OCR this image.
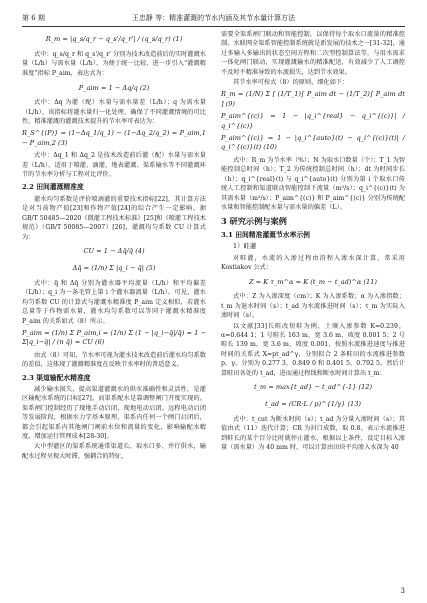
第 6 期	王忠静 等：精准灌溉的节水内涵及其节水量计算方法
R_m = |q_s/q_r − q_s'/q_r'| / (q_s/q_r) (1)

式中：q_s/q_r 和 q_s'/q_r' 分别为技术改造前后的实时灌溉水量（L/h）与需水量（L/h），为便于统一比较，进一步引入“灌溉精准度”指标 P_aim，表达式为：

P_aim = 1 − Δq/q (2)

式中：Δq 为灌（配）水量与需水量差（L/h）；q 为需水量（L/h），该指标将灌水量归一化处理，确保了不同灌溉情境的可比性，精准灌溉的灌溉技术提升的节水率可表达为：

R_S^{(P)} = (1−Δq_1/q_1) − (1−Δq_2/q_2) = P_aim,1 − P_aim,2 (3)

式中：Δq_1 和 Δq_2 是技术改造前后灌（配）水量与需水量差（L/h），适用于喷灌、滴灌、地表灌溉、渠系输水等不同灌溉环节的节水率分析与工程对比评价。

2.2 田间灌溉精准度

灌水均匀系数是评价喷滴灌的重要技术指标[22]，其计算方法是对当前物产值[23]和作物产值[24]的综合产生一定影响，据 GB/T 50485—2020《微灌工程技术标准》[25]和《喷灌工程技术规范》（GB/T 50085—2007）[26]，灌溉均匀系数 CU 计算式为：

CU = 1 − Δq̄/q̄ (4)
Δq̄ = (1/n) Σ |q_i − q̄| (5)

式中：q̄ 和 Δq̄ 分别为灌水器平均流量（L/h）和平均偏差（L/h）；q_i 为一条毛管上第 i 个灌水器流量（L/h）。可见，灌水均匀系数 CU 的计算式与灌溉水精准度 P_aim 定义相似，若灌水总量等于作物需水量，灌水均匀系数可以等同于灌溉水精准度 P_aim 的关系如式（8）所示。

P_aim = (1/n) Σ P_aim,i = (1/n) Σ (1 − |q_i−q̄|/q̄) = 1 − Σ|q_i−q̄| / (n q̄) = CU (6)

由式（8）可知，节水率可视为灌水技术改造前后灌水均匀系数的差值，这体现了灌溉精准度在反映节水率时的普适意义。

2.3 渠道输配水精准度

减少输水损失，提高渠道灌溉水的供水准确性和灵活性，是灌区输配水系统的目标[27]。而渠系配水是靠调整闸门开度实现的。渠系闸门控制经历了现地手动启闭、现地电动启闭、远程电动启闭等发展阶段，根据水力学基本原理，渠系内任何一个闸门启闭后，都会引起渠系内其他闸门闸前水位和流量的变化，影响输配水精度，增加运行管理成本[28-30]。

大中型灌区的渠系系统通常渠道长、取水口多、并行供水，输配水过程呈现大时滞、强耦合的特征，

需要全渠系闸门联动和智能控制，以保持每个取水口流量的精准控制。水联网全渠系智能控制系统就是新发展的技术之一[31-32]，通过多输入多输出的状态空间方程和二次型控制算法等，与用水需求一体化闸门联动，实现灌溉输水的精准配送，有效减少了人工调控不及时不精准导致的水流损失，达到节水效果。

其节水率可按式（8）的原则，细化如下：

R_m = (1/N) Σ [ (1/T_1)∫ P_aim dt − (1/T_2)∫ P_aim dt ] (9)
P_aim^{(c)} = 1 − |q_i^{real} − q_i^{(c)}| / q_i^{(c)}
P_aim^{(c)} = 1 − |q_i^{auto}(t) − q_i^{(c)}(t)| / q_i^{(c)}(t) (10)

式中：R_m 为节水率（%）；N 为取水口数量（个）；T_1 为智能控制总时间（h）；T_2 为传统控制总时间（h）；dt 为时间步长（h）；q_i^{real}(t) 与 q_i^{auto}(t) 分别为第 i 个取水口传统人工控制和渠道联动智能控制下流量（m³/s）；q_i^{(c)}(t) 为其需水量（m³/s）；P_aim^{(c)} 和 P_aim^{(c)} 分别为传统配水量和智能控制配水量与需水量的偏差（L）。

3 研究示例与案例
3.1 田间精准灌溉节水率示例
1）畦灌

对畦灌，水流的入渗过程由沿程入渗水深计算，常采用 Kostiakov 公式：

Z = K τ_m^α = K (t_m − t_ad)^α (11)

式中：Z 为入渗深度（cm）；K 为入渗系数；α 为入渗指数；t_m 为退水时间（s）；t_ad 为水流推进时间（s）；τ_m 为实际入渗时间（s）。

以文献[33]长畦改短畦为例，土壤入渗参数 K=0.239，α=0.644 1；1 号畦长 163 m，宽 3.6 m，坡度 0.001 5；2 号畦长 139 m，宽 3.6 m，坡度 0.001，按照水流推进速度与推进时间的关系式 X=pt_ad^γ，分别拟合 2 条畦田的水流推进参数 p，γ，分别为 0.277 3，0.849 0 和 0.401 5，0.792 5。然后计算畦田各处的 t_ad，进而通过程线和断水时间计算出 t_m：

t_m = max{t_ad} − t_ad^{-1} (12)
t_ad = (CR·L / p)^{1/γ} (13)

式中：t_cut 为断水时间（s）；t_ad 为分量入渗时间（s）；其值由式（11）迭代计算；CR 为封口成数，取 0.8。表示水流推进到畦长的某个百分比时就停止灌水，根据以上条件，设定目标入渗量（需水量）为 40 mm 时，可以计算由田块平均渗入水深为 40

3
